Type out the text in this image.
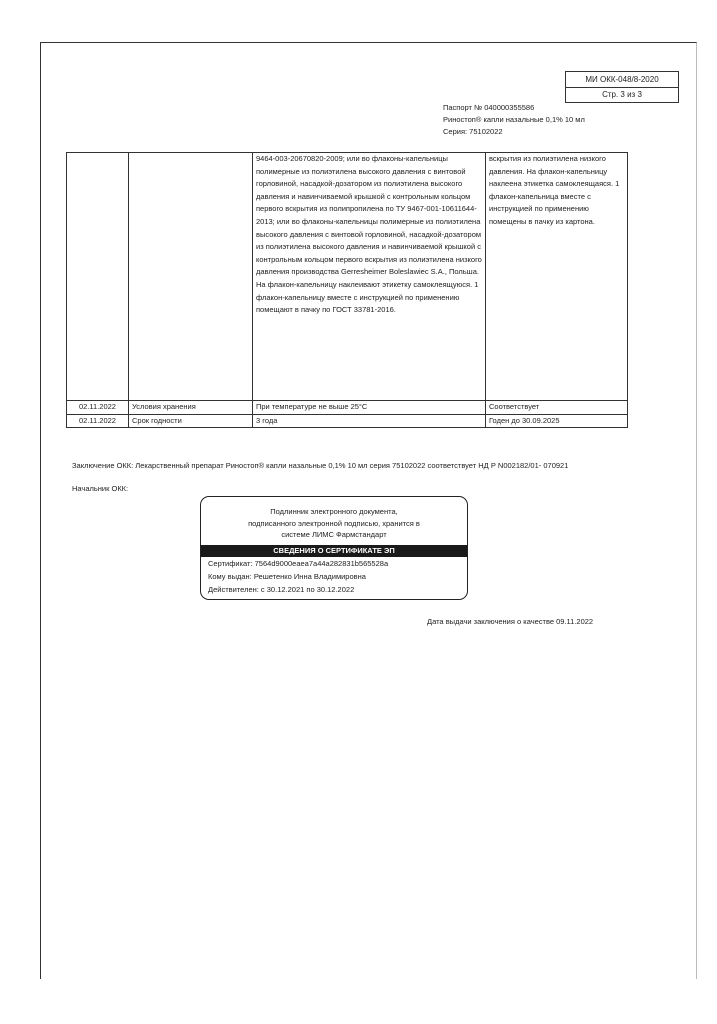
МИ ОКК-048/8-2020
Стр. 3 из 3
Паспорт № 040000355586
Риностоп® капли назальные 0,1% 10 мл
Серия: 75102022
		9464-003-20670820-2009; или во флаконы-капельницы полимерные из полиэтилена высокого давления с винтовой горловиной, насадкой-дозатором из полиэтилена высокого давления и навинчиваемой крышкой с контрольным кольцом первого вскрытия из полипропилена по ТУ 9467-001-10611644-2013; или во флаконы-капельницы полимерные из полиэтилена высокого давления с винтовой горловиной, насадкой-дозатором из полиэтилена высокого давления и навинчиваемой крышкой с контрольным кольцом первого вскрытия из полиэтилена низкого давления производства Gerresheimer Boleslawiec S.A., Польша. На флакон-капельницу наклеивают этикетку самоклеящуюся. 1 флакон-капельницу вместе с инструкцией по применению помещают в пачку по ГОСТ 33781-2016.	вскрытия из полиэтилена низкого давления. На флакон-капельницу наклеена этикетка самоклеящаяся. 1 флакон-капельница вместе с инструкцией по применению помещены в пачку из картона.
02.11.2022	Условия хранения	При температуре не выше 25°С	Соответствует
02.11.2022	Срок годности	3 года	Годен до 30.09.2025
Заключение ОКК: Лекарственный препарат Риностоп® капли назальные 0,1% 10 мл серия 75102022 соответствует НД Р N002182/01- 070921
Начальник ОКК:
Подлинник электронного документа,
подписанного электронной подписью, хранится в
системе ЛИМС Фармстандарт
СВЕДЕНИЯ О СЕРТИФИКАТЕ ЭП
Сертификат: 7564d9000eaea7a44a282831b565528a
Кому выдан: Решетенко Инна Владимировна
Действителен: с 30.12.2021 по 30.12.2022
Дата выдачи заключения о качестве 09.11.2022
